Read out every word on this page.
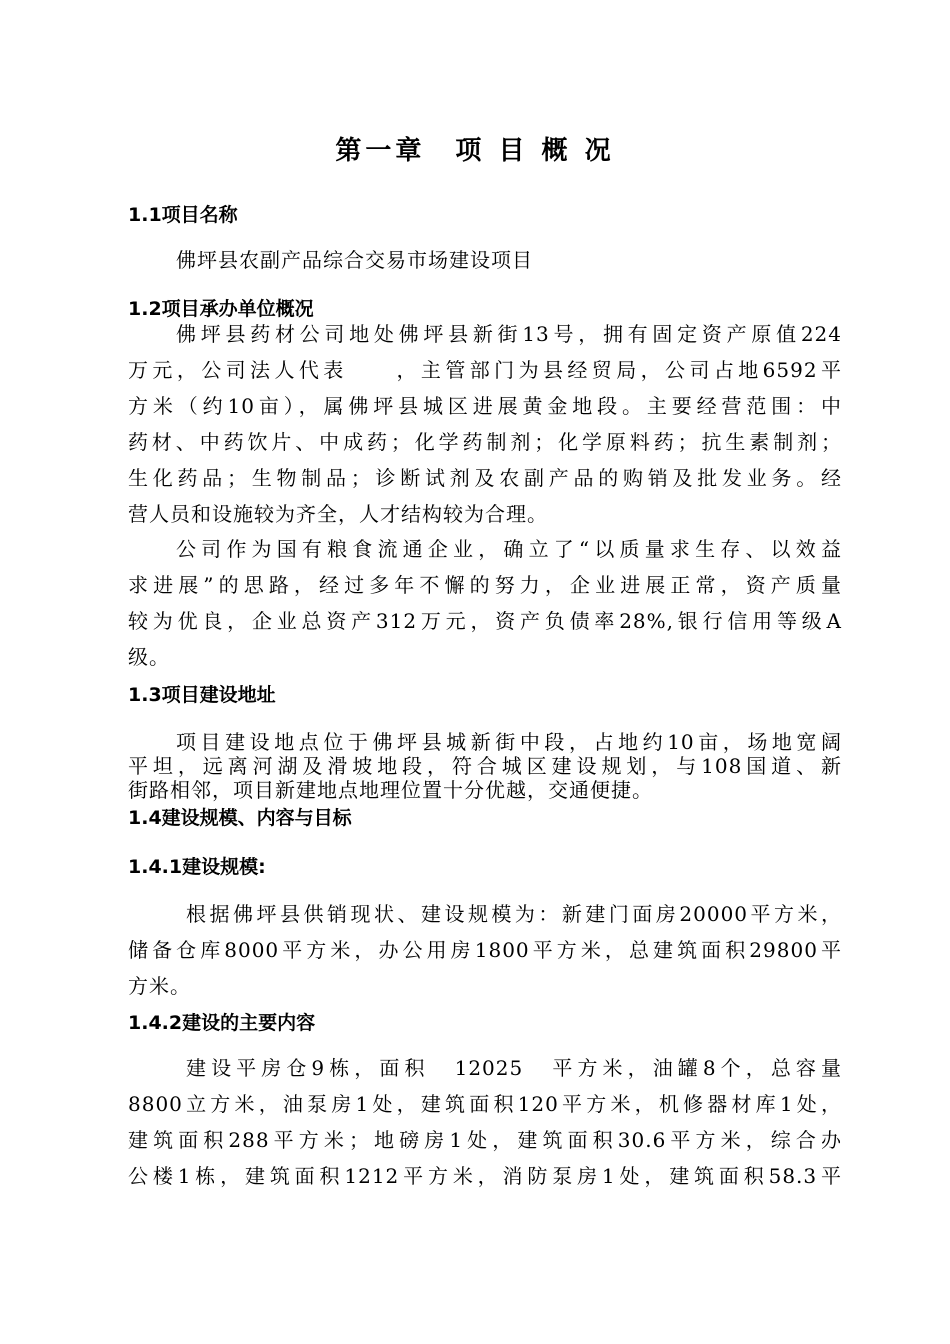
第一章　项 目 概 况
1.1项目名称

佛坪县农副产品综合交易市场建设项目

1.2项目承办单位概况

佛坪县药材公司地处佛坪县新街13号，拥有固定资产原值224
万元，公司法人代表　　，主管部门为县经贸局，公司占地6592平
方米（约10亩），属佛坪县城区进展黄金地段。主要经营范围：中
药材、中药饮片、中成药；化学药制剂；化学原料药；抗生素制剂；
生化药品；生物制品；诊断试剂及农副产品的购销及批发业务。经
营人员和设施较为齐全，人才结构较为合理。

公司作为国有粮食流通企业，确立了“以质量求生存、以效益
求进展”的思路，经过多年不懈的努力，企业进展正常，资产质量
较为优良，企业总资产312万元，资产负债率28%,银行信用等级A
级。

1.3项目建设地址

项目建设地点位于佛坪县城新街中段，占地约10亩，场地宽阔
平坦，远离河湖及滑坡地段，符合城区建设规划，与108国道、新
街路相邻，项目新建地点地理位置十分优越，交通便捷。

1.4建设规模、内容与目标
1.4.1建设规模:

根据佛坪县供销现状、建设规模为：新建门面房20000平方米，
储备仓库8000平方米，办公用房1800平方米，总建筑面积29800平
方米。

1.4.2建设的主要内容

建设平房仓9栋，面积　12025　平方米，油罐8个，总容量
8800立方米，油泵房1处，建筑面积120平方米，机修器材库1处，
建筑面积288平方米；地磅房1处，建筑面积30.6平方米，综合办
公楼1栋，建筑面积1212平方米，消防泵房1处，建筑面积58.3平
